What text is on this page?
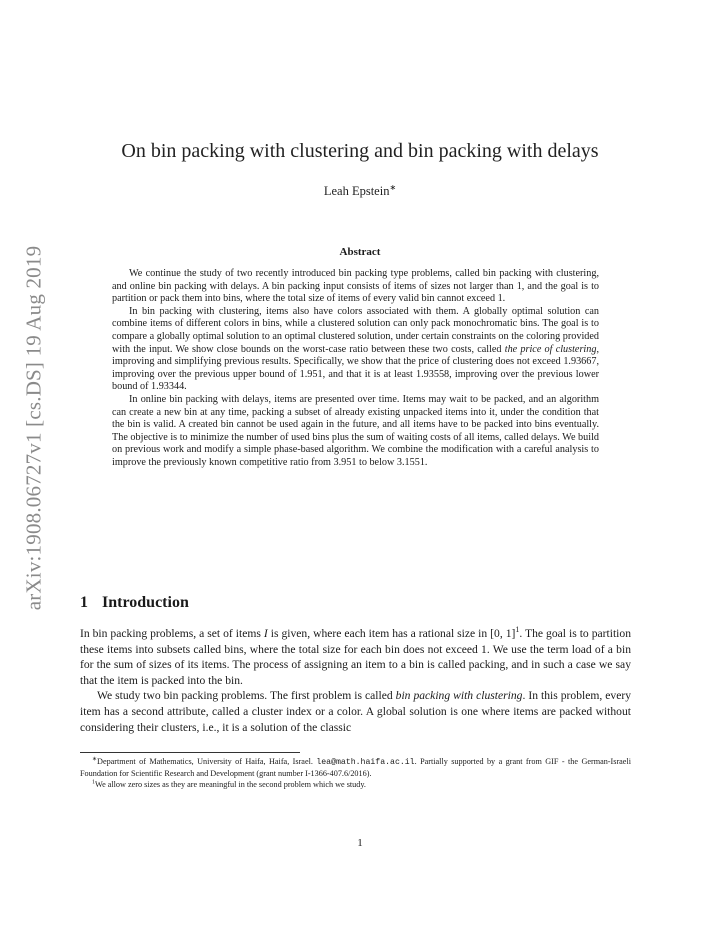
arXiv:1908.06727v1 [cs.DS] 19 Aug 2019
On bin packing with clustering and bin packing with delays
Leah Epstein∗
Abstract

We continue the study of two recently introduced bin packing type problems, called bin packing with clustering, and online bin packing with delays. A bin packing input consists of items of sizes not larger than 1, and the goal is to partition or pack them into bins, where the total size of items of every valid bin cannot exceed 1.

In bin packing with clustering, items also have colors associated with them. A globally optimal solution can combine items of different colors in bins, while a clustered solution can only pack monochromatic bins. The goal is to compare a globally optimal solution to an optimal clustered solution, under certain constraints on the coloring provided with the input. We show close bounds on the worst-case ratio between these two costs, called the price of clustering, improving and simplifying previous results. Specifically, we show that the price of clustering does not exceed 1.93667, improving over the previous upper bound of 1.951, and that it is at least 1.93558, improving over the previous lower bound of 1.93344.

In online bin packing with delays, items are presented over time. Items may wait to be packed, and an algorithm can create a new bin at any time, packing a subset of already existing unpacked items into it, under the condition that the bin is valid. A created bin cannot be used again in the future, and all items have to be packed into bins eventually. The objective is to minimize the number of used bins plus the sum of waiting costs of all items, called delays. We build on previous work and modify a simple phase-based algorithm. We combine the modification with a careful analysis to improve the previously known competitive ratio from 3.951 to below 3.1551.

1 Introduction

In bin packing problems, a set of items I is given, where each item has a rational size in [0, 1]$^1$. The goal is to partition these items into subsets called bins, where the total size for each bin does not exceed 1. We use the term load of a bin for the sum of sizes of its items. The process of assigning an item to a bin is called packing, and in such a case we say that the item is packed into the bin.

We study two bin packing problems. The first problem is called bin packing with clustering. In this problem, every item has a second attribute, called a cluster index or a color. A global solution is one where items are packed without considering their clusters, i.e., it is a solution of the classic

∗Department of Mathematics, University of Haifa, Haifa, Israel. lea@math.haifa.ac.il. Partially supported by a grant from GIF - the German-Israeli Foundation for Scientific Research and Development (grant number I-1366-407.6/2016).

$^1$We allow zero sizes as they are meaningful in the second problem which we study.

1
